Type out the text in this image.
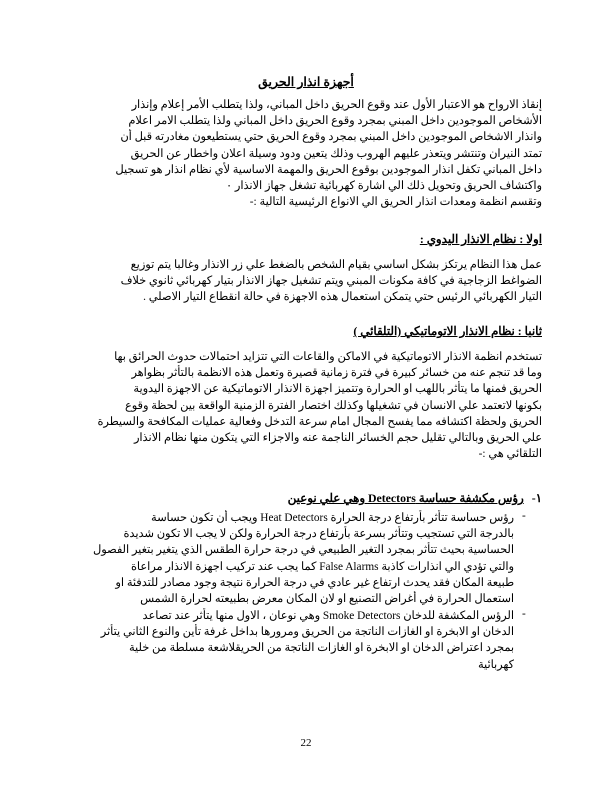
أجهزة انذار الحريق
إنقاذ الارواح هو الاعتبار الأول عند وقوع الحريق داخل المباني، ولذا يتطلب الأمر إعلام وإنذار
الأشخاص الموجودين داخل المبني بمجرد وقوع الحريق داخل المباني ولذا يتطلب الامر اعلام
وانذار الاشخاص الموجودين داخل المبني بمجرد وقوع الحريق حتي يستطيعون مغادرته قبل أن
تمتد النيران وتنتشر ويتعذر عليهم الهروب وذلك يتعين ودود وسيلة اعلان واخطار عن الحريق
داخل المباني تكفل انذار الموجودين بوقوع الحريق والمهمة الاساسية لأي نظام انذار هو تسجيل
واكتشاف الحريق وتحويل ذلك الي اشارة كهربائية تشغل جهاز الانذار ٠
وتقسم انظمة ومعدات انذار الحريق الي الانواع الرئيسية التالية :-
اولا : نظام الانذار اليدوي :
عمل هذا النظام يرتكز بشكل اساسي بقيام الشخص بالضغط علي زر الانذار وغالبا يتم توزيع
الضواغط الزجاجية في كافة مكونات المبني ويتم تشغيل جهاز الانذار بتيار كهربائي ثانوي خلاف
التيار الكهربائي الرئيس حتي يتمكن استعمال هذه الاجهزة في حالة انقطاع التيار الاصلي .
ثانيا : نظام الانذار الاتوماتيكي (التلقائي )
تستخدم انظمة الانذار الاتوماتيكية في الاماكن والقاعات التي تتزايد احتمالات حدوث الحرائق بها
وما قد تنجم عنه من خسائر كبيرة في فترة زمانية قصيرة وتعمل هذه الانظمة بالتأثر بظواهر
الحريق فمنها ما يتأثر باللهب او الحرارة وتتميز اجهزة الانذار الاتوماتيكية عن الاجهزة اليدوية
بكونها لاتعتمد علي الانسان في تشغيلها وكذلك اختصار الفترة الزمنية الواقعة بين لحظة وقوع
الحريق ولحظة اكتشافه مما يفسح المجال امام سرعة التدخل وفعالية عمليات المكافحة والسيطرة
علي الحريق وبالتالي تقليل حجم الخسائر الناجمة عنه والاجزاء التي يتكون منها نظام الانذار
التلقائي هي :-
١-رؤس مكشفة حساسة Detectors وهي علي نوعين
-
رؤس حساسة تتأثر بأرتفاع درجة الحرارة Heat Detectors ويجب أن تكون حساسة
بالدرجة التي تستجيب وتتأثر بسرعة بأرتفاع درجة الحرارة ولكن لا يجب الا تكون شديدة
الحساسية بحيث تتأثر بمجرد التغير الطبيعي في درجة حرارة الطقس الذي يتغير بتغير الفصول
والتي تؤدي الي انذارات كاذبة False Alarms كما يجب عند تركيب اجهزة الانذار مراعاة
طبيعة المكان فقد يحدث ارتفاع غير عادي في درجة الحرارة نتيجة وجود مصادر للتدفئة او
استعمال الحرارة في أغراض التصنيع او لان المكان معرض بطبيعته لحرارة الشمس
-
الرؤس المكشفة للدخان Smoke Detectors وهي نوعان ، الاول منها يتأثر عند تصاعد
الدخان او الابخرة او الغازات الناتجة من الحريق ومرورها بداخل غرفة تأين والنوع الثاني يتأثر
بمجرد اعتراض الدخان او الابخرة او الغازات الناتجة من الحريقلاشعة مسلطة من خلية
كهربائية
22
